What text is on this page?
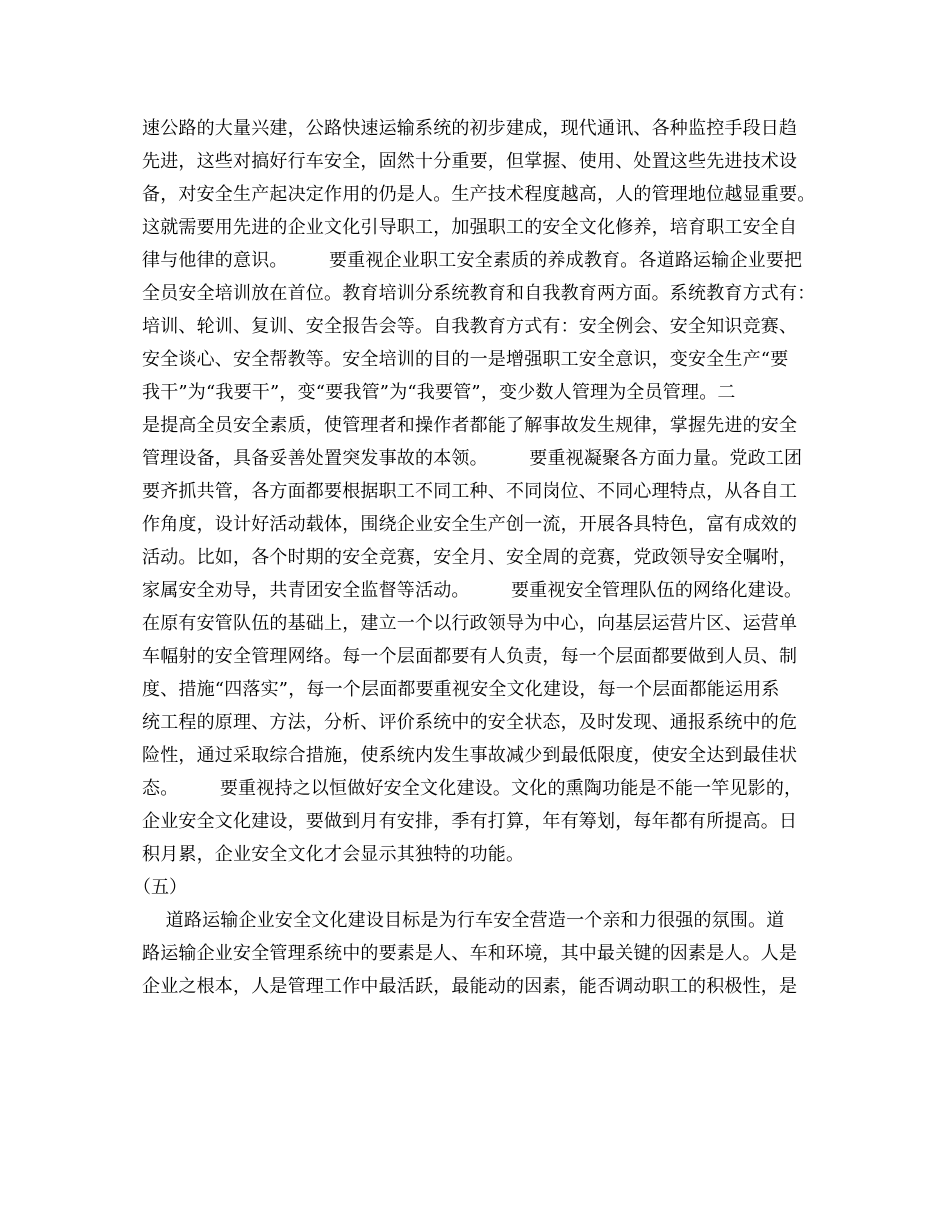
速公路的大量兴建，公路快速运输系统的初步建成，现代通讯、各种监控手段日趋

先进，这些对搞好行车安全，固然十分重要，但掌握、使用、处置这些先进技术设

备，对安全生产起决定作用的仍是人。生产技术程度越高，人的管理地位越显重要。

这就需要用先进的企业文化引导职工，加强职工的安全文化修养，培育职工安全自

律与他律的意识。       要重视企业职工安全素质的养成教育。各道路运输企业要把

全员安全培训放在首位。教育培训分系统教育和自我教育两方面。系统教育方式有：

培训、轮训、复训、安全报告会等。自我教育方式有：安全例会、安全知识竞赛、

安全谈心、安全帮教等。安全培训的目的一是增强职工安全意识，变安全生产“要

我干”为“我要干”，变“要我管”为“我要管”，变少数人管理为全员管理。二

是提高全员安全素质，使管理者和操作者都能了解事故发生规律，掌握先进的安全

管理设备，具备妥善处置突发事故的本领。       要重视凝聚各方面力量。党政工团

要齐抓共管，各方面都要根据职工不同工种、不同岗位、不同心理特点，从各自工

作角度，设计好活动载体，围绕企业安全生产创一流，开展各具特色，富有成效的

活动。比如，各个时期的安全竞赛，安全月、安全周的竞赛，党政领导安全嘱咐，

家属安全劝导，共青团安全监督等活动。       要重视安全管理队伍的网络化建设。

在原有安管队伍的基础上，建立一个以行政领导为中心，向基层运营片区、运营单

车幅射的安全管理网络。每一个层面都要有人负责，每一个层面都要做到人员、制

度、措施“四落实”，每一个层面都要重视安全文化建设，每一个层面都能运用系

统工程的原理、方法，分析、评价系统中的安全状态，及时发现、通报系统中的危

险性，通过采取综合措施，使系统内发生事故减少到最低限度，使安全达到最佳状

态。       要重视持之以恒做好安全文化建设。文化的熏陶功能是不能一竿见影的，

企业安全文化建设，要做到月有安排，季有打算，年有筹划，每年都有所提高。日

积月累，企业安全文化才会显示其独特的功能。

（五）

道路运输企业安全文化建设目标是为行车安全营造一个亲和力很强的氛围。道

路运输企业安全管理系统中的要素是人、车和环境，其中最关键的因素是人。人是

企业之根本，人是管理工作中最活跃，最能动的因素，能否调动职工的积极性，是
